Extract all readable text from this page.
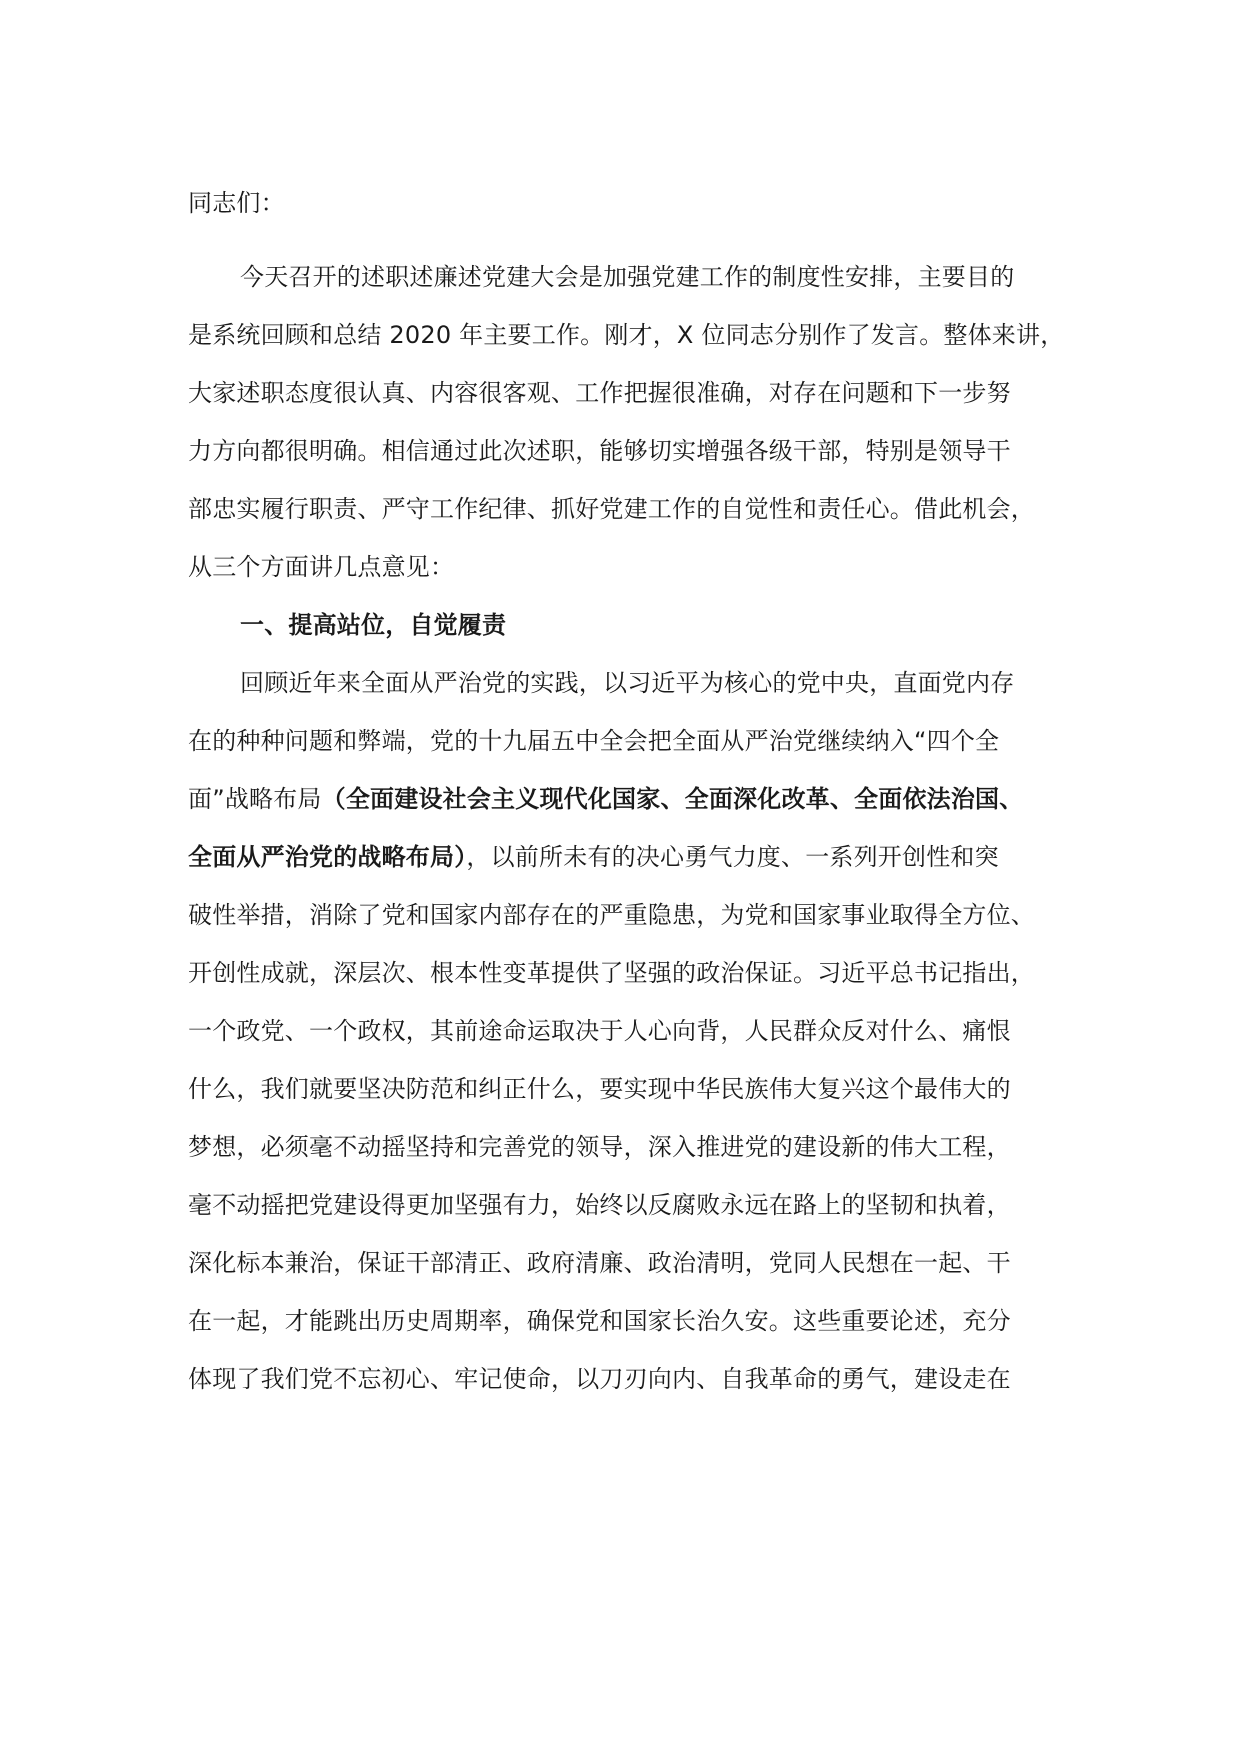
同志们：
今天召开的述职述廉述党建大会是加强党建工作的制度性安排，主要目的
是系统回顾和总结 2020 年主要工作。刚才，X 位同志分别作了发言。整体来讲，
大家述职态度很认真、内容很客观、工作把握很准确，对存在问题和下一步努
力方向都很明确。相信通过此次述职，能够切实增强各级干部，特别是领导干
部忠实履行职责、严守工作纪律、抓好党建工作的自觉性和责任心。借此机会，
从三个方面讲几点意见：
一、提高站位，自觉履责
回顾近年来全面从严治党的实践，以习近平为核心的党中央，直面党内存
在的种种问题和弊端，党的十九届五中全会把全面从严治党继续纳入“四个全
面”战略布局（全面建设社会主义现代化国家、全面深化改革、全面依法治国、
全面从严治党的战略布局），以前所未有的决心勇气力度、一系列开创性和突
破性举措，消除了党和国家内部存在的严重隐患，为党和国家事业取得全方位、
开创性成就，深层次、根本性变革提供了坚强的政治保证。习近平总书记指出，
一个政党、一个政权，其前途命运取决于人心向背，人民群众反对什么、痛恨
什么，我们就要坚决防范和纠正什么，要实现中华民族伟大复兴这个最伟大的
梦想，必须毫不动摇坚持和完善党的领导，深入推进党的建设新的伟大工程，
毫不动摇把党建设得更加坚强有力，始终以反腐败永远在路上的坚韧和执着，
深化标本兼治，保证干部清正、政府清廉、政治清明，党同人民想在一起、干
在一起，才能跳出历史周期率，确保党和国家长治久安。这些重要论述，充分
体现了我们党不忘初心、牢记使命，以刀刃向内、自我革命的勇气，建设走在
